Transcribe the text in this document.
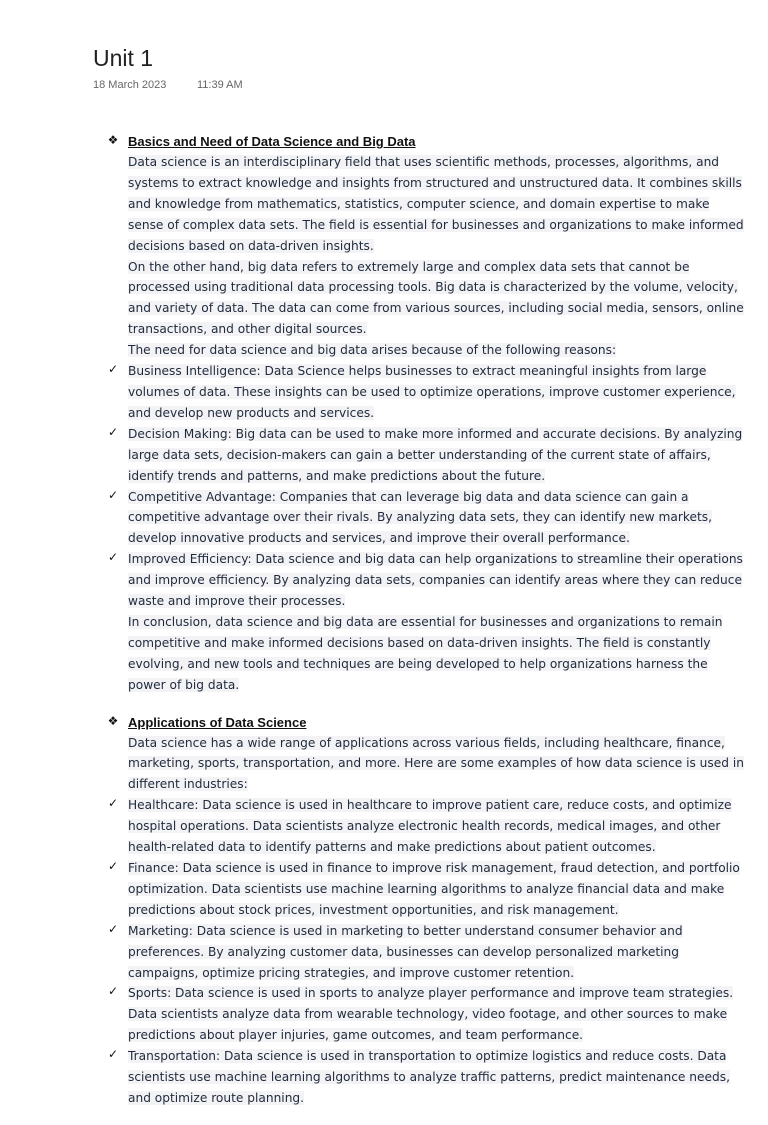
Unit 1
18 March 2023	11:39 AM
❖ Basics and Need of Data Science and Big Data
Data science is an interdisciplinary field that uses scientific methods, processes, algorithms, and systems to extract knowledge and insights from structured and unstructured data. It combines skills and knowledge from mathematics, statistics, computer science, and domain expertise to make sense of complex data sets. The field is essential for businesses and organizations to make informed decisions based on data-driven insights.
On the other hand, big data refers to extremely large and complex data sets that cannot be processed using traditional data processing tools. Big data is characterized by the volume, velocity, and variety of data. The data can come from various sources, including social media, sensors, online transactions, and other digital sources.
The need for data science and big data arises because of the following reasons:
✓ Business Intelligence: Data Science helps businesses to extract meaningful insights from large volumes of data. These insights can be used to optimize operations, improve customer experience, and develop new products and services.
✓ Decision Making: Big data can be used to make more informed and accurate decisions. By analyzing large data sets, decision-makers can gain a better understanding of the current state of affairs, identify trends and patterns, and make predictions about the future.
✓ Competitive Advantage: Companies that can leverage big data and data science can gain a competitive advantage over their rivals. By analyzing data sets, they can identify new markets, develop innovative products and services, and improve their overall performance.
✓ Improved Efficiency: Data science and big data can help organizations to streamline their operations and improve efficiency. By analyzing data sets, companies can identify areas where they can reduce waste and improve their processes.
In conclusion, data science and big data are essential for businesses and organizations to remain competitive and make informed decisions based on data-driven insights. The field is constantly evolving, and new tools and techniques are being developed to help organizations harness the power of big data.
❖ Applications of Data Science
Data science has a wide range of applications across various fields, including healthcare, finance, marketing, sports, transportation, and more. Here are some examples of how data science is used in different industries:
✓ Healthcare: Data science is used in healthcare to improve patient care, reduce costs, and optimize hospital operations. Data scientists analyze electronic health records, medical images, and other health-related data to identify patterns and make predictions about patient outcomes.
✓ Finance: Data science is used in finance to improve risk management, fraud detection, and portfolio optimization. Data scientists use machine learning algorithms to analyze financial data and make predictions about stock prices, investment opportunities, and risk management.
✓ Marketing: Data science is used in marketing to better understand consumer behavior and preferences. By analyzing customer data, businesses can develop personalized marketing campaigns, optimize pricing strategies, and improve customer retention.
✓ Sports: Data science is used in sports to analyze player performance and improve team strategies. Data scientists analyze data from wearable technology, video footage, and other sources to make predictions about player injuries, game outcomes, and team performance.
✓ Transportation: Data science is used in transportation to optimize logistics and reduce costs. Data scientists use machine learning algorithms to analyze traffic patterns, predict maintenance needs, and optimize route planning.
